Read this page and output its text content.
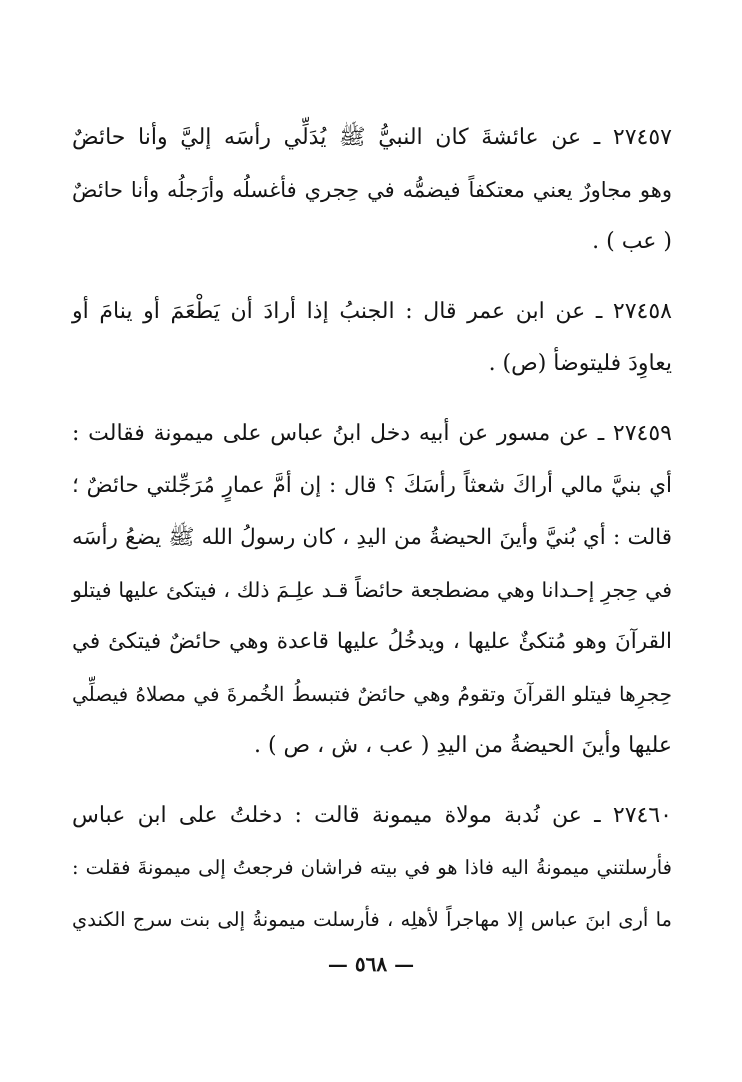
٢٧٤٥٧ ـ عن عائشةَ كان النبيُّ ﷺ يُدَلِّي رأسَه إليَّ وأنا حائضٌ
وهو مجاورٌ يعني معتكفاً فيضمُّه في حِجري فأغسلُه وأرَجلُه وأنا حائضٌ
( عب ) .
٢٧٤٥٨ ـ عن ابن عمر قال : الجنبُ إذا أرادَ أن يَطْعَمَ أو ينامَ أو
يعاوِدَ فليتوضأ (ص) .
٢٧٤٥٩ ـ عن مسور عن أبيه دخل ابنُ عباس على ميمونة فقالت :
أي بنيَّ مالي أراكَ شعثاً رأسَكَ ؟ قال : إن أمَّ عمارٍ مُرَجِّلتي حائضٌ ؛
قالت : أي بُنيَّ وأينَ الحيضةُ من اليدِ ، كان رسولُ الله ﷺ يضعُ رأسَه
في حِجرِ إحـدانا وهي مضطجعة حائضاً قـد علِـمَ ذلك ، فيتكئ عليها فيتلو
القرآنَ وهو مُتكئٌ عليها ، ويدخُلُ عليها قاعدة وهي حائضٌ فيتكئ في
حِجرِها فيتلو القرآنَ وتقومُ وهي حائضٌ فتبسطُ الخُمرةَ في مصلاهُ فيصلِّي
عليها وأينَ الحيضةُ من اليدِ ( عب ، ش ، ص ) .
٢٧٤٦٠ ـ عن نُدبة مولاة ميمونة قالت : دخلتُ على ابن عباس
فأرسلتني ميمونةُ اليه فاذا هو في بيته فراشان فرجعتُ إلى ميمونةَ فقلت :
ما أرى ابنَ عباس إلا مهاجراً لأهلِه ، فأرسلت ميمونةُ إلى بنت سرج الكندي
— ٥٦٨ —
